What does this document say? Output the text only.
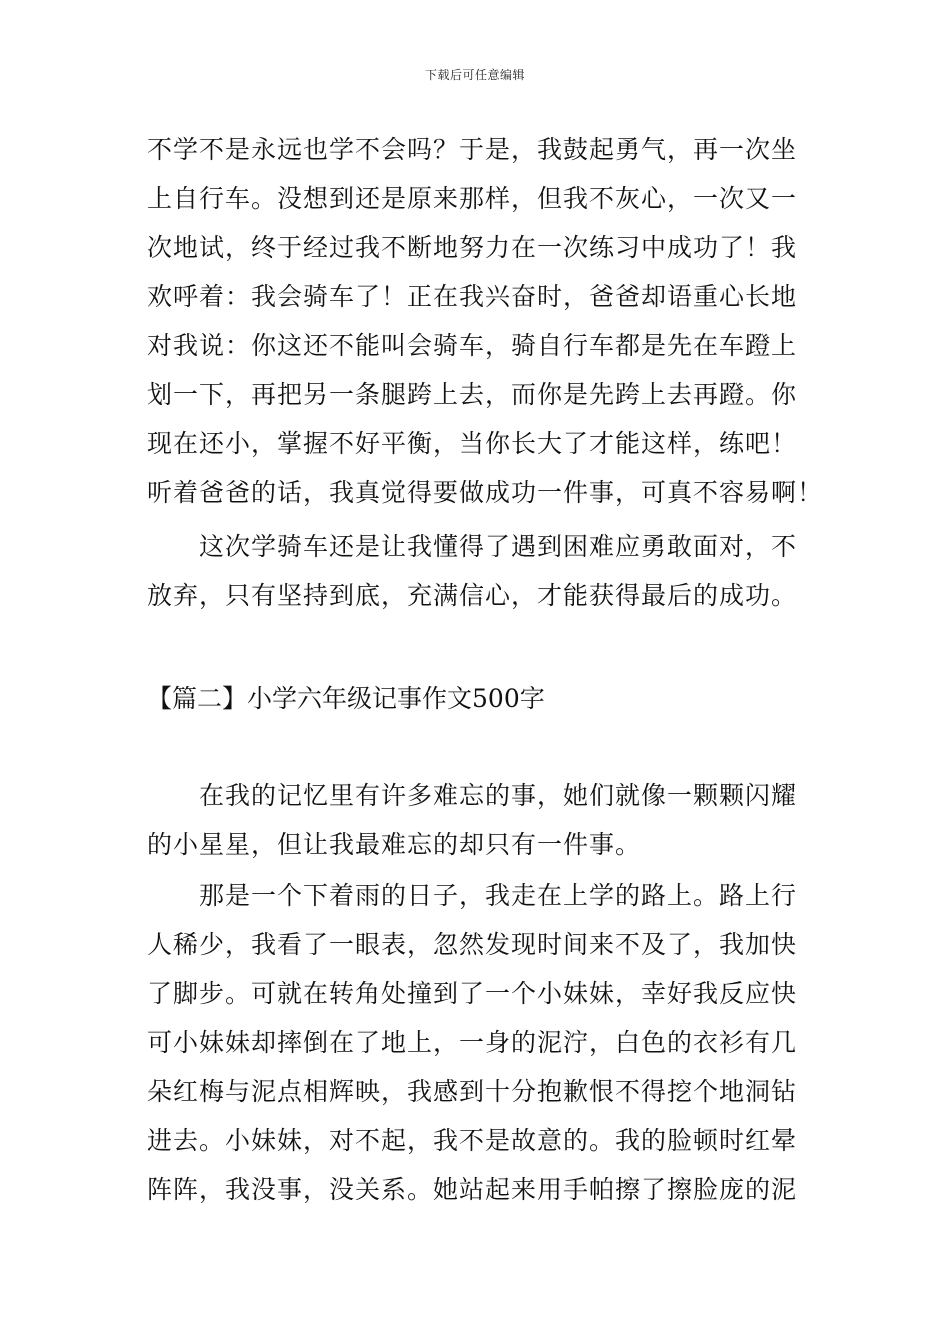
下载后可任意编辑
不学不是永远也学不会吗？于是，我鼓起勇气，再一次坐
上自行车。没想到还是原来那样，但我不灰心，一次又一
次地试，终于经过我不断地努力在一次练习中成功了！我
欢呼着：我会骑车了！正在我兴奋时，爸爸却语重心长地
对我说：你这还不能叫会骑车，骑自行车都是先在车蹬上
划一下，再把另一条腿跨上去，而你是先跨上去再蹬。你
现在还小，掌握不好平衡，当你长大了才能这样，练吧！
听着爸爸的话，我真觉得要做成功一件事，可真不容易啊！
这次学骑车还是让我懂得了遇到困难应勇敢面对，不
放弃，只有坚持到底，充满信心，才能获得最后的成功。
【篇二】小学六年级记事作文500字
在我的记忆里有许多难忘的事，她们就像一颗颗闪耀
的小星星，但让我最难忘的却只有一件事。
那是一个下着雨的日子，我走在上学的路上。路上行
人稀少，我看了一眼表，忽然发现时间来不及了，我加快
了脚步。可就在转角处撞到了一个小妹妹，幸好我反应快
可小妹妹却摔倒在了地上，一身的泥泞，白色的衣衫有几
朵红梅与泥点相辉映，我感到十分抱歉恨不得挖个地洞钻
进去。小妹妹，对不起，我不是故意的。我的脸顿时红晕
阵阵，我没事，没关系。她站起来用手帕擦了擦脸庞的泥
